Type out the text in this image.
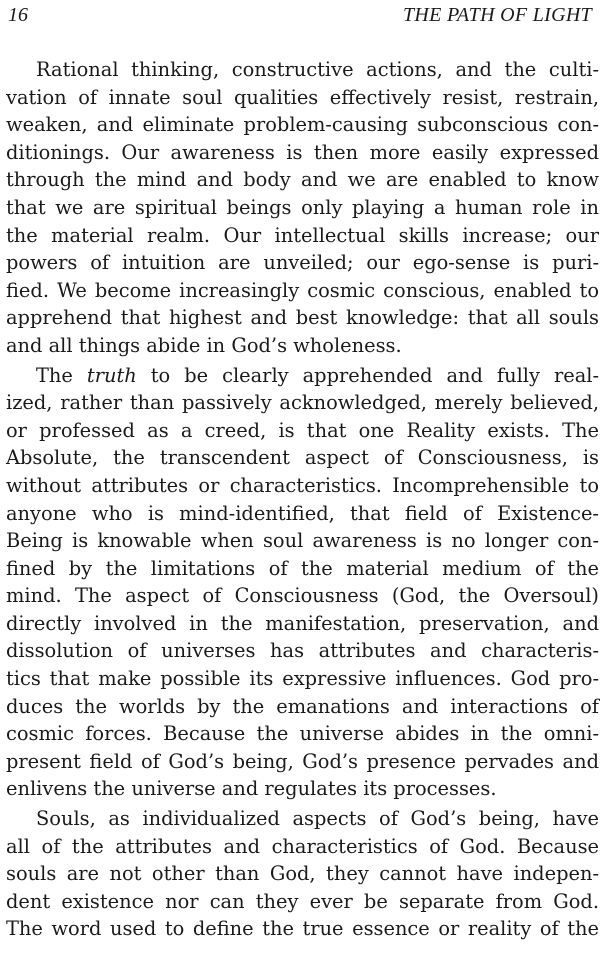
16	THE PATH OF LIGHT
Rational thinking, constructive actions, and the culti-
vation of innate soul qualities effectively resist, restrain,
weaken, and eliminate problem-causing subconscious con-
ditionings. Our awareness is then more easily expressed
through the mind and body and we are enabled to know
that we are spiritual beings only playing a human role in
the material realm. Our intellectual skills increase; our
powers of intuition are unveiled; our ego-sense is puri-
fied. We become increasingly cosmic conscious, enabled to
apprehend that highest and best knowledge: that all souls
and all things abide in God’s wholeness.
The truth to be clearly apprehended and fully real-
ized, rather than passively acknowledged, merely believed,
or professed as a creed, is that one Reality exists. The
Absolute, the transcendent aspect of Consciousness, is
without attributes or characteristics. Incomprehensible to
anyone who is mind-identified, that field of Existence-
Being is knowable when soul awareness is no longer con-
fined by the limitations of the material medium of the
mind. The aspect of Consciousness (God, the Oversoul)
directly involved in the manifestation, preservation, and
dissolution of universes has attributes and characteris-
tics that make possible its expressive influences. God pro-
duces the worlds by the emanations and interactions of
cosmic forces. Because the universe abides in the omni-
present field of God’s being, God’s presence pervades and
enlivens the universe and regulates its processes.
Souls, as individualized aspects of God’s being, have
all of the attributes and characteristics of God. Because
souls are not other than God, they cannot have indepen-
dent existence nor can they ever be separate from God.
The word used to define the true essence or reality of the
